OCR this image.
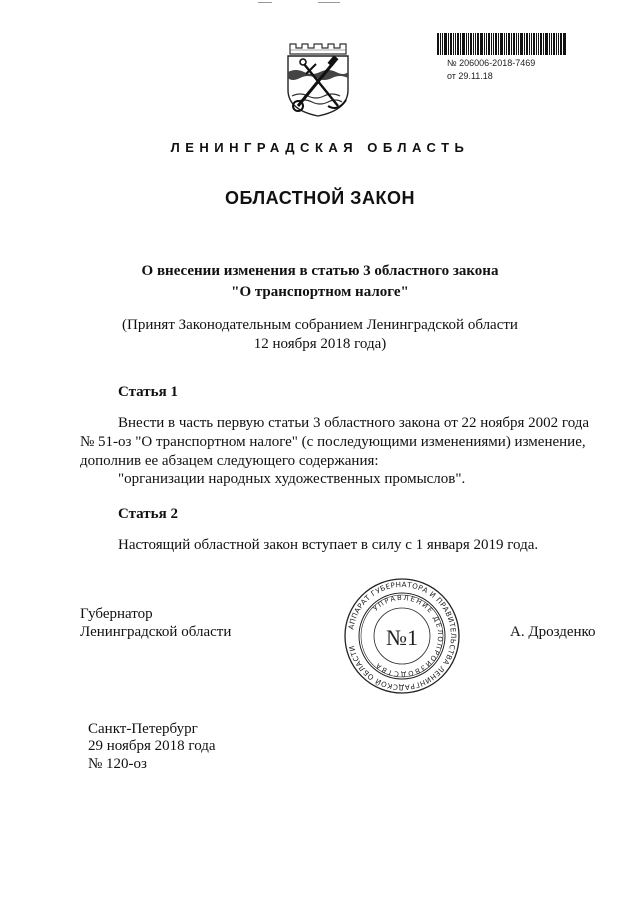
№ 206006-2018-7469
от 29.11.18
ЛЕНИНГРАДСКАЯ ОБЛАСТЬ
ОБЛАСТНОЙ ЗАКОН
О внесении изменения в статью 3 областного закона
"О транспортном налоге"
(Принят Законодательным собранием Ленинградской области
12 ноября 2018 года)
Статья 1
Внести в часть первую статьи 3 областного закона от 22 ноября 2002 года
№ 51-оз "О транспортном налоге" (с последующими изменениями) изменение,
дополнив ее абзацем следующего содержания:
"организации народных художественных промыслов".
Статья 2
Настоящий областной закон вступает в силу с 1 января 2019 года.
Губернатор
Ленинградской области	А. Дрозденко
АППАРАТ ГУБЕРНАТОРА И ПРАВИТЕЛЬСТВА ЛЕНИНГРАДСКОЙ ОБЛАСТИ
УПРАВЛЕНИЕ ДЕЛОПРОИЗВОДСТВА
№1
Санкт-Петербург
29 ноября 2018 года
№ 120-оз
